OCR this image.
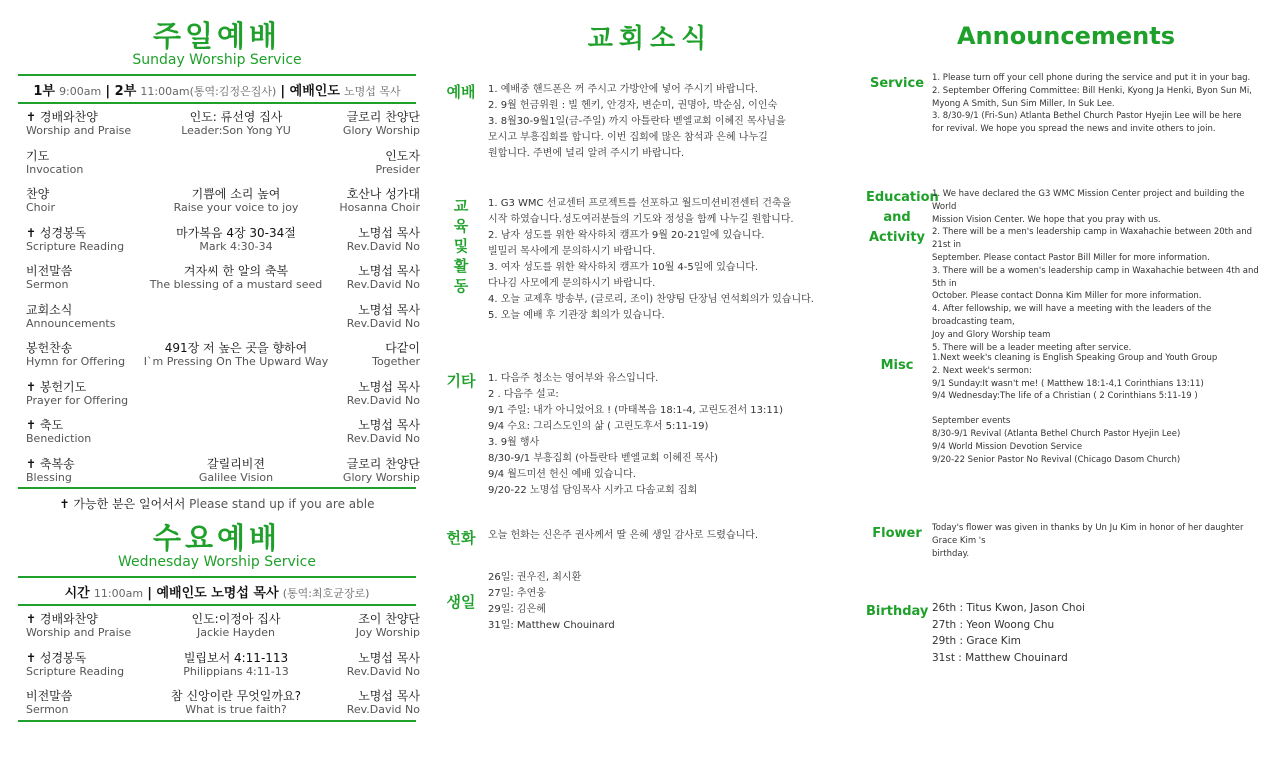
주일예배
Sunday Worship Service
1부 9:00am | 2부 11:00am(통역:김정은집사) | 예배인도 노명섭 목사
✝ 경배와찬양
Worship and Praise
인도: 류선영 집사
Leader:Son Yong YU
글로리 찬양단
Glory Worship
기도
Invocation
인도자
Presider
찬양
Choir
기쁨에 소리 높여
Raise your voice to joy
호산나 성가대
Hosanna Choir
✝ 성경봉독
Scripture Reading
마가복음 4장 30-34절
Mark 4:30-34
노명섭 목사
Rev.David No
비전말씀
Sermon
겨자씨 한 알의 축복
The blessing of a mustard seed
노명섭 목사
Rev.David No
교회소식
Announcements
노명섭 목사
Rev.David No
봉헌찬송
Hymn for Offering
491장 저 높은 곳을 향하여
I`m Pressing On The Upward Way
다같이
Together
✝ 봉헌기도
Prayer for Offering
노명섭 목사
Rev.David No
✝ 축도
Benediction
노명섭 목사
Rev.David No
✝ 축복송
Blessing
갈릴리비젼
Galilee Vision
글로리 찬양단
Glory Worship
✝ 가능한 분은 일어서서 Please stand up if you are able
수요예배
Wednesday Worship Service
시간 11:00am | 예배인도 노명섭 목사 (통역:최호균장로)
✝ 경배와찬양
Worship and Praise
인도:이정아 집사
Jackie Hayden
조이 찬양단
Joy Worship
✝ 성경봉독
Scripture Reading
빌립보서 4:11-113
Philippians 4:11-13
노명섭 목사
Rev.David No
비전말씀
Sermon
참 신앙이란 무엇일까요?
What is true faith?
노명섭 목사
Rev.David No
교회소식
예배 1. 예배중 핸드폰은 꺼 주시고 가방안에 넣어 주시기 바랍니다.
2. 9월 헌금위원 : 빌 헨키, 안경자, 변순미, 권명아, 박순심, 이인숙
3. 8월30-9월1일(금-주일) 까지 아틀란타 벧엘교회 이혜진 목사님을
모시고 부흥집회를 합니다. 이번 집회에 많은 참석과 은혜 나누길
원합니다. 주변에 널리 알려 주시기 바랍니다.
교육및활동
1. G3 WMC 선교센터 프로젝트를 선포하고 월드미션비젼센터 건축을
시작 하였습니다.성도여러분들의 기도와 정성을 함께 나누길 원합니다.
2. 남자 성도를 위한 왁사하치 캠프가 9월 20-21일에 있습니다.
빌밀러 목사에게 문의하시기 바랍니다.
3. 여자 성도를 위한 왁사하치 캠프가 10월 4-5일에 있습니다.
다나김 사모에게 문의하시기 바랍니다.
4. 오늘 교제후 방송부, (글로리, 조이) 찬양팀 단장님 연석회의가 있습니다.
5. 오늘 예배 후 기관장 회의가 있습니다.
기타 1. 다음주 청소는 영어부와 유스입니다.
2 . 다음주 설교:
9/1 주일: 내가 아니었어요 ! (마태복음 18:1-4, 고린도전서 13:11)
9/4 수요: 그리스도인의 삶 ( 고린도후서 5:11-19)
3. 9월 행사
8/30-9/1 부흥집회 (아틀란타 벧엘교회 이혜진 목사)
9/4 월드미션 헌신 예배 있습니다.
9/20-22 노명섭 담임목사 시카고 다솜교회 집회
헌화 오늘 헌화는 신은주 권사께서 딸 은혜 생일 감사로 드렸습니다.
생일
26일: 권우진, 최시환
27일: 추연웅
29일: 김은혜
31일: Matthew Chouinard
Announcements
Service 1. Please turn off your cell phone during the service and put it in your bag.
2. September Offering Committee: Bill Henki, Kyong Ja Henki, Byon Sun Mi,
Myong A Smith, Sun Sim Miller, In Suk Lee.
3. 8/30-9/1 (Fri-Sun) Atlanta Bethel Church Pastor Hyejin Lee will be here
for revival. We hope you spread the news and invite others to join.
Education
and
Activity
1. We have declared the G3 WMC Mission Center project and building the World
Mission Vision Center. We hope that you pray with us.
2. There will be a men's leadership camp in Waxahachie between 20th and 21st in
September. Please contact Pastor Bill Miller for more information.
3. There will be a women's leadership camp in Waxahachie between 4th and 5th in
October. Please contact Donna Kim Miller for more information.
4. After fellowship, we will have a meeting with the leaders of the broadcasting team,
Joy and Glory Worship team
5. There will be a leader meeting after service.
Misc	1.Next week's cleaning is English Speaking Group and Youth Group
2. Next week's sermon:
9/1 Sunday:It wasn't me! ( Matthew 18:1-4,1 Corinthians 13:11)
9/4 Wednesday:The life of a Christian ( 2 Corinthians 5:11-19 )
September events
8/30-9/1 Revival (Atlanta Bethel Church Pastor Hyejin Lee)
9/4 World Mission Devotion Service
9/20-22 Senior Pastor No Revival (Chicago Dasom Church)
Flower	Today's flower was given in thanks by Un Ju Kim in honor of her daughter Grace Kim 's
birthday.
Birthday 26th : Titus Kwon, Jason Choi
27th : Yeon Woong Chu
29th : Grace Kim
31st : Matthew Chouinard
